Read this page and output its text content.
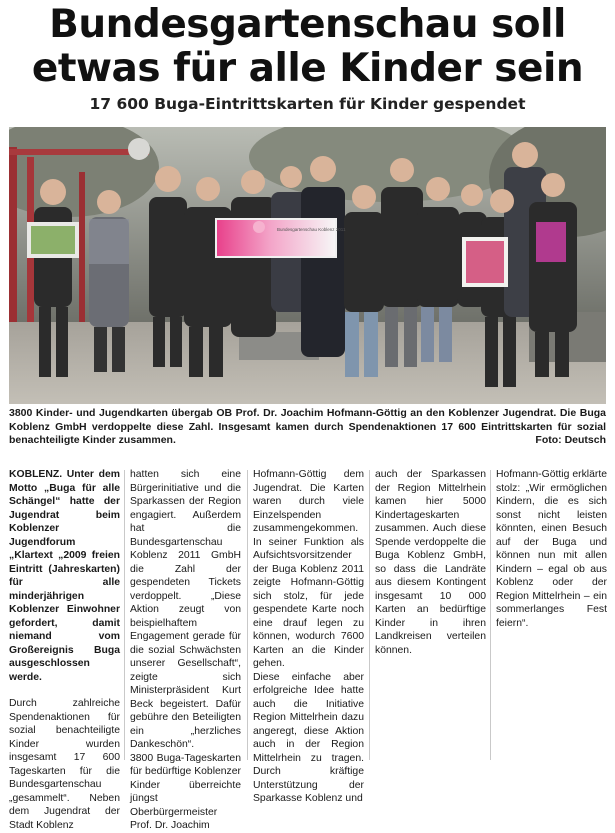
Bundesgartenschau soll
etwas für alle Kinder sein
17 600 Buga-Eintrittskarten für Kinder gespendet
Bundesgartenschau Koblenz 2011
3800 Kinder- und Jugendkarten übergab OB Prof. Dr. Joachim Hofmann-Göttig an den Koblenzer Jugendrat. Die Buga Koblenz GmbH verdoppelte diese Zahl. Insgesamt kamen durch Spendenaktionen 17 600 Eintrittskarten für sozial benachteiligte Kinder zusammen.	Foto: Deutsch

KOBLENZ. Unter dem Motto „Buga für alle Schängel“ hatte der Jugendrat beim Koblenzer Jugendforum „Klartext „2009 freien Eintritt (Jahreskarten) für alle minderjährigen Koblenzer Einwohner gefordert, damit niemand vom Großereignis Buga ausgeschlossen werde.

Durch zahlreiche Spendenaktionen für sozial benachteiligte Kinder wurden insgesamt 17 600 Tageskarten für die Bundesgartenschau „gesammelt“. Neben dem Jugendrat der Stadt Koblenz

hatten sich eine Bürgerinitiative und die Sparkassen der Region engagiert. Außerdem hat die Bundesgartenschau Koblenz 2011 GmbH die Zahl der gespendeten Tickets verdoppelt. „Diese Aktion zeugt von beispielhaftem Engagement gerade für die sozial Schwächsten unserer Gesellschaft“, zeigte sich Ministerpräsident Kurt Beck begeistert. Dafür gebühre den Beteiligten ein „herzliches Dankeschön“.

3800 Buga-Tageskarten für bedürftige Koblenzer Kinder überreichte jüngst Oberbürgermeister Prof. Dr. Joachim

Hofmann-Göttig dem Jugendrat. Die Karten waren durch viele Einzelspenden zusammengekommen. In seiner Funktion als Aufsichtsvorsitzender der Buga Koblenz 2011 zeigte Hofmann-Göttig sich stolz, für jede gespendete Karte noch eine drauf legen zu können, wodurch 7600 Karten an die Kinder gehen.

Diese einfache aber erfolgreiche Idee hatte auch die Initiative Region Mittelrhein dazu angeregt, diese Aktion auch in der Region Mittelrhein zu tragen. Durch kräftige Unterstützung der Sparkasse Koblenz und

auch der Sparkassen der Region Mittelrhein kamen hier 5000 Kindertageskarten zusammen. Auch diese Spende verdoppelte die Buga Koblenz GmbH, so dass die Landräte aus diesem Kontingent insgesamt 10 000 Karten an bedürftige Kinder in ihren Landkreisen verteilen können.

Hofmann-Göttig erklärte stolz: „Wir ermöglichen Kindern, die es sich sonst nicht leisten könnten, einen Besuch auf der Buga und können nun mit allen Kindern – egal ob aus Koblenz oder der Region Mittelrhein – ein sommerlanges Fest feiern“.
